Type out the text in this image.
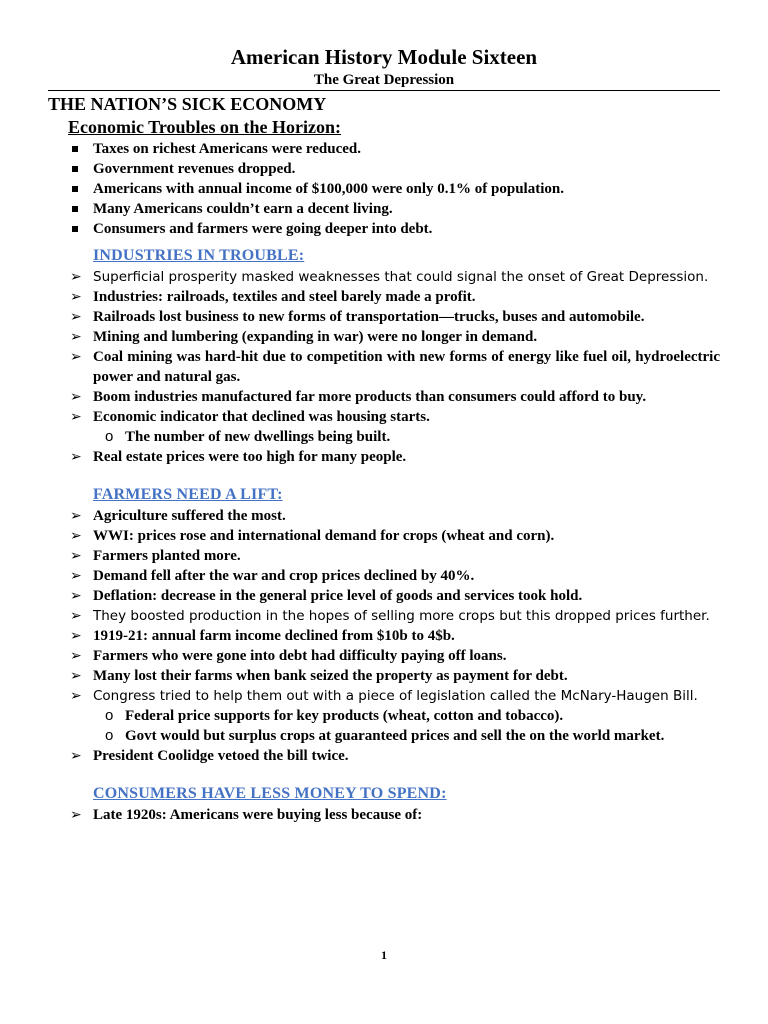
American History Module Sixteen

The Great Depression

THE NATION’S SICK ECONOMY
Economic Troubles on the Horizon:
Taxes on richest Americans were reduced.
Government revenues dropped.
Americans with annual income of $100,000 were only 0.1% of population.
Many Americans couldn’t earn a decent living.
Consumers and farmers were going deeper into debt.
INDUSTRIES IN TROUBLE:
➢ Superficial prosperity masked weaknesses that could signal the onset of Great Depression.
➢ Industries: railroads, textiles and steel barely made a profit.
➢ Railroads lost business to new forms of transportation—trucks, buses and automobile.
➢ Mining and lumbering (expanding in war) were no longer in demand.
➢ Coal mining was hard-hit due to competition with new forms of energy like fuel oil, hydroelectric power and natural gas.
➢ Boom industries manufactured far more products than consumers could afford to buy.
➢ Economic indicator that declined was housing starts.
o The number of new dwellings being built.
➢ Real estate prices were too high for many people.
FARMERS NEED A LIFT:
➢ Agriculture suffered the most.
➢ WWI: prices rose and international demand for crops (wheat and corn).
➢ Farmers planted more.
➢ Demand fell after the war and crop prices declined by 40%.
➢ Deflation: decrease in the general price level of goods and services took hold.
➢ They boosted production in the hopes of selling more crops but this dropped prices further.
➢ 1919-21: annual farm income declined from $10b to 4$b.
➢ Farmers who were gone into debt had difficulty paying off loans.
➢ Many lost their farms when bank seized the property as payment for debt.
➢ Congress tried to help them out with a piece of legislation called the McNary-Haugen Bill.
o Federal price supports for key products (wheat, cotton and tobacco).
o Govt would but surplus crops at guaranteed prices and sell the on the world market.
➢ President Coolidge vetoed the bill twice.
CONSUMERS HAVE LESS MONEY TO SPEND:
➢ Late 1920s: Americans were buying less because of:
1
